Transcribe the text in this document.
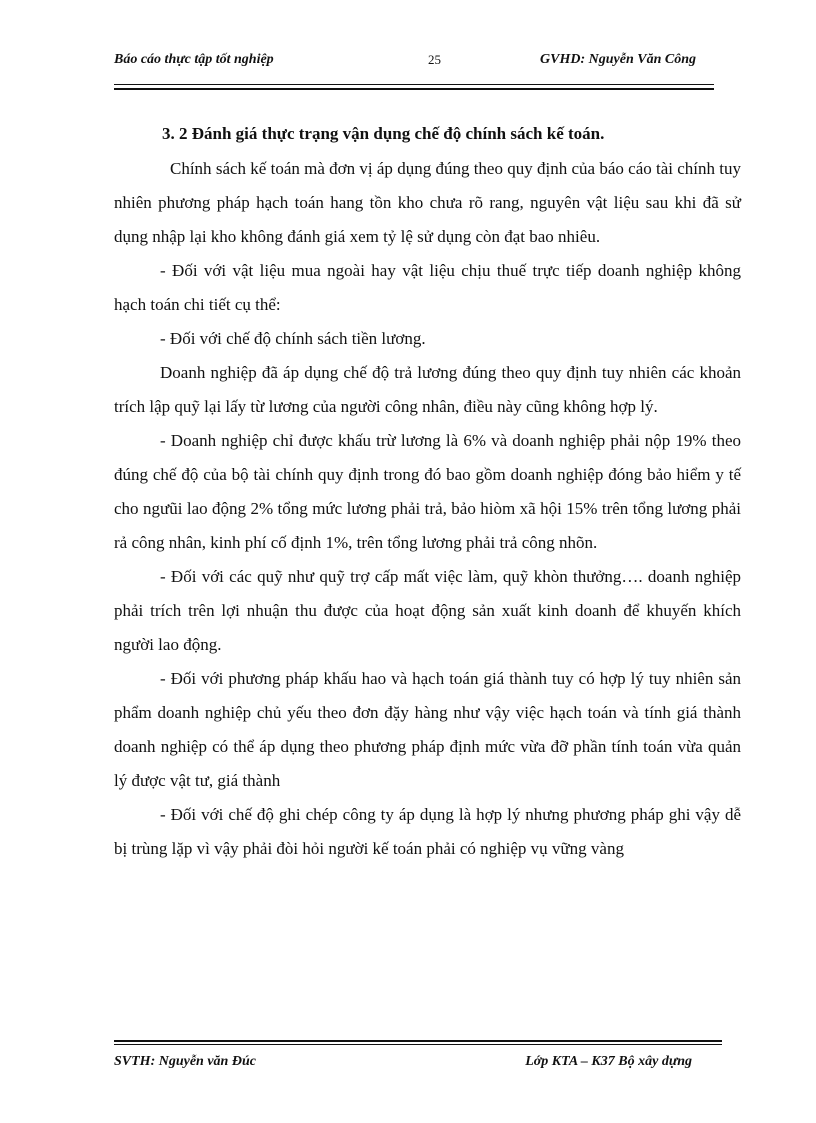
Báo cáo thực tập tốt nghiệp	25	GVHD: Nguyễn Văn Công

3. 2 Đánh giá thực trạng vận dụng chế độ chính sách kế toán.

Chính sách kế toán mà đơn vị áp dụng đúng theo quy định của báo cáo tài chính tuy nhiên phương pháp hạch toán hang tồn kho chưa rõ rang, nguyên vật liệu sau khi đã sử dụng nhập lại kho không đánh giá xem tỷ lệ sử dụng còn đạt bao nhiêu.

- Đối với vật liệu mua ngoài hay vật liệu chịu thuế trực tiếp doanh nghiệp không hạch toán chi tiết cụ thể:

- Đối với chế độ chính sách tiền lương.

Doanh nghiệp đã áp dụng chế độ trả lương đúng theo quy định tuy nhiên các khoản trích lập quỹ lại lấy từ lương của người công nhân, điều này cũng không hợp lý.

- Doanh nghiệp chỉ được khấu trừ lương là 6% và doanh nghiệp phải nộp 19% theo đúng chế độ của bộ tài chính quy định trong đó bao gồm doanh nghiệp đóng bảo hiểm y tế cho ngưũi lao động 2% tổng mức lương phải trả, bảo hiòm xã hội 15% trên tổng lương phải rả công nhân, kinh phí cố định 1%, trên tổng lương phải trả công nhõn.

- Đối với các quỹ như quỹ trợ cấp mất việc làm, quỹ khòn thưởng…. doanh nghiệp phải trích trên lợi nhuận thu được của hoạt động sản xuất kinh doanh để khuyến khích người lao động.

- Đối với phương pháp khấu hao và hạch toán giá thành tuy có hợp lý tuy nhiên sản phẩm doanh nghiệp chủ yếu theo đơn đặy hàng như vậy việc hạch toán và tính giá thành doanh nghiệp có thể áp dụng theo phương pháp định mức vừa đỡ phần tính toán vừa quản lý được vật tư, giá thành

- Đối với chế độ ghi chép công ty áp dụng là hợp lý nhưng phương pháp ghi vậy dễ bị trùng lặp vì vậy phải đòi hỏi người kế toán phải có nghiệp vụ vững vàng

SVTH: Nguyễn văn Đúc	Lớp KTA – K37 Bộ xây dựng
